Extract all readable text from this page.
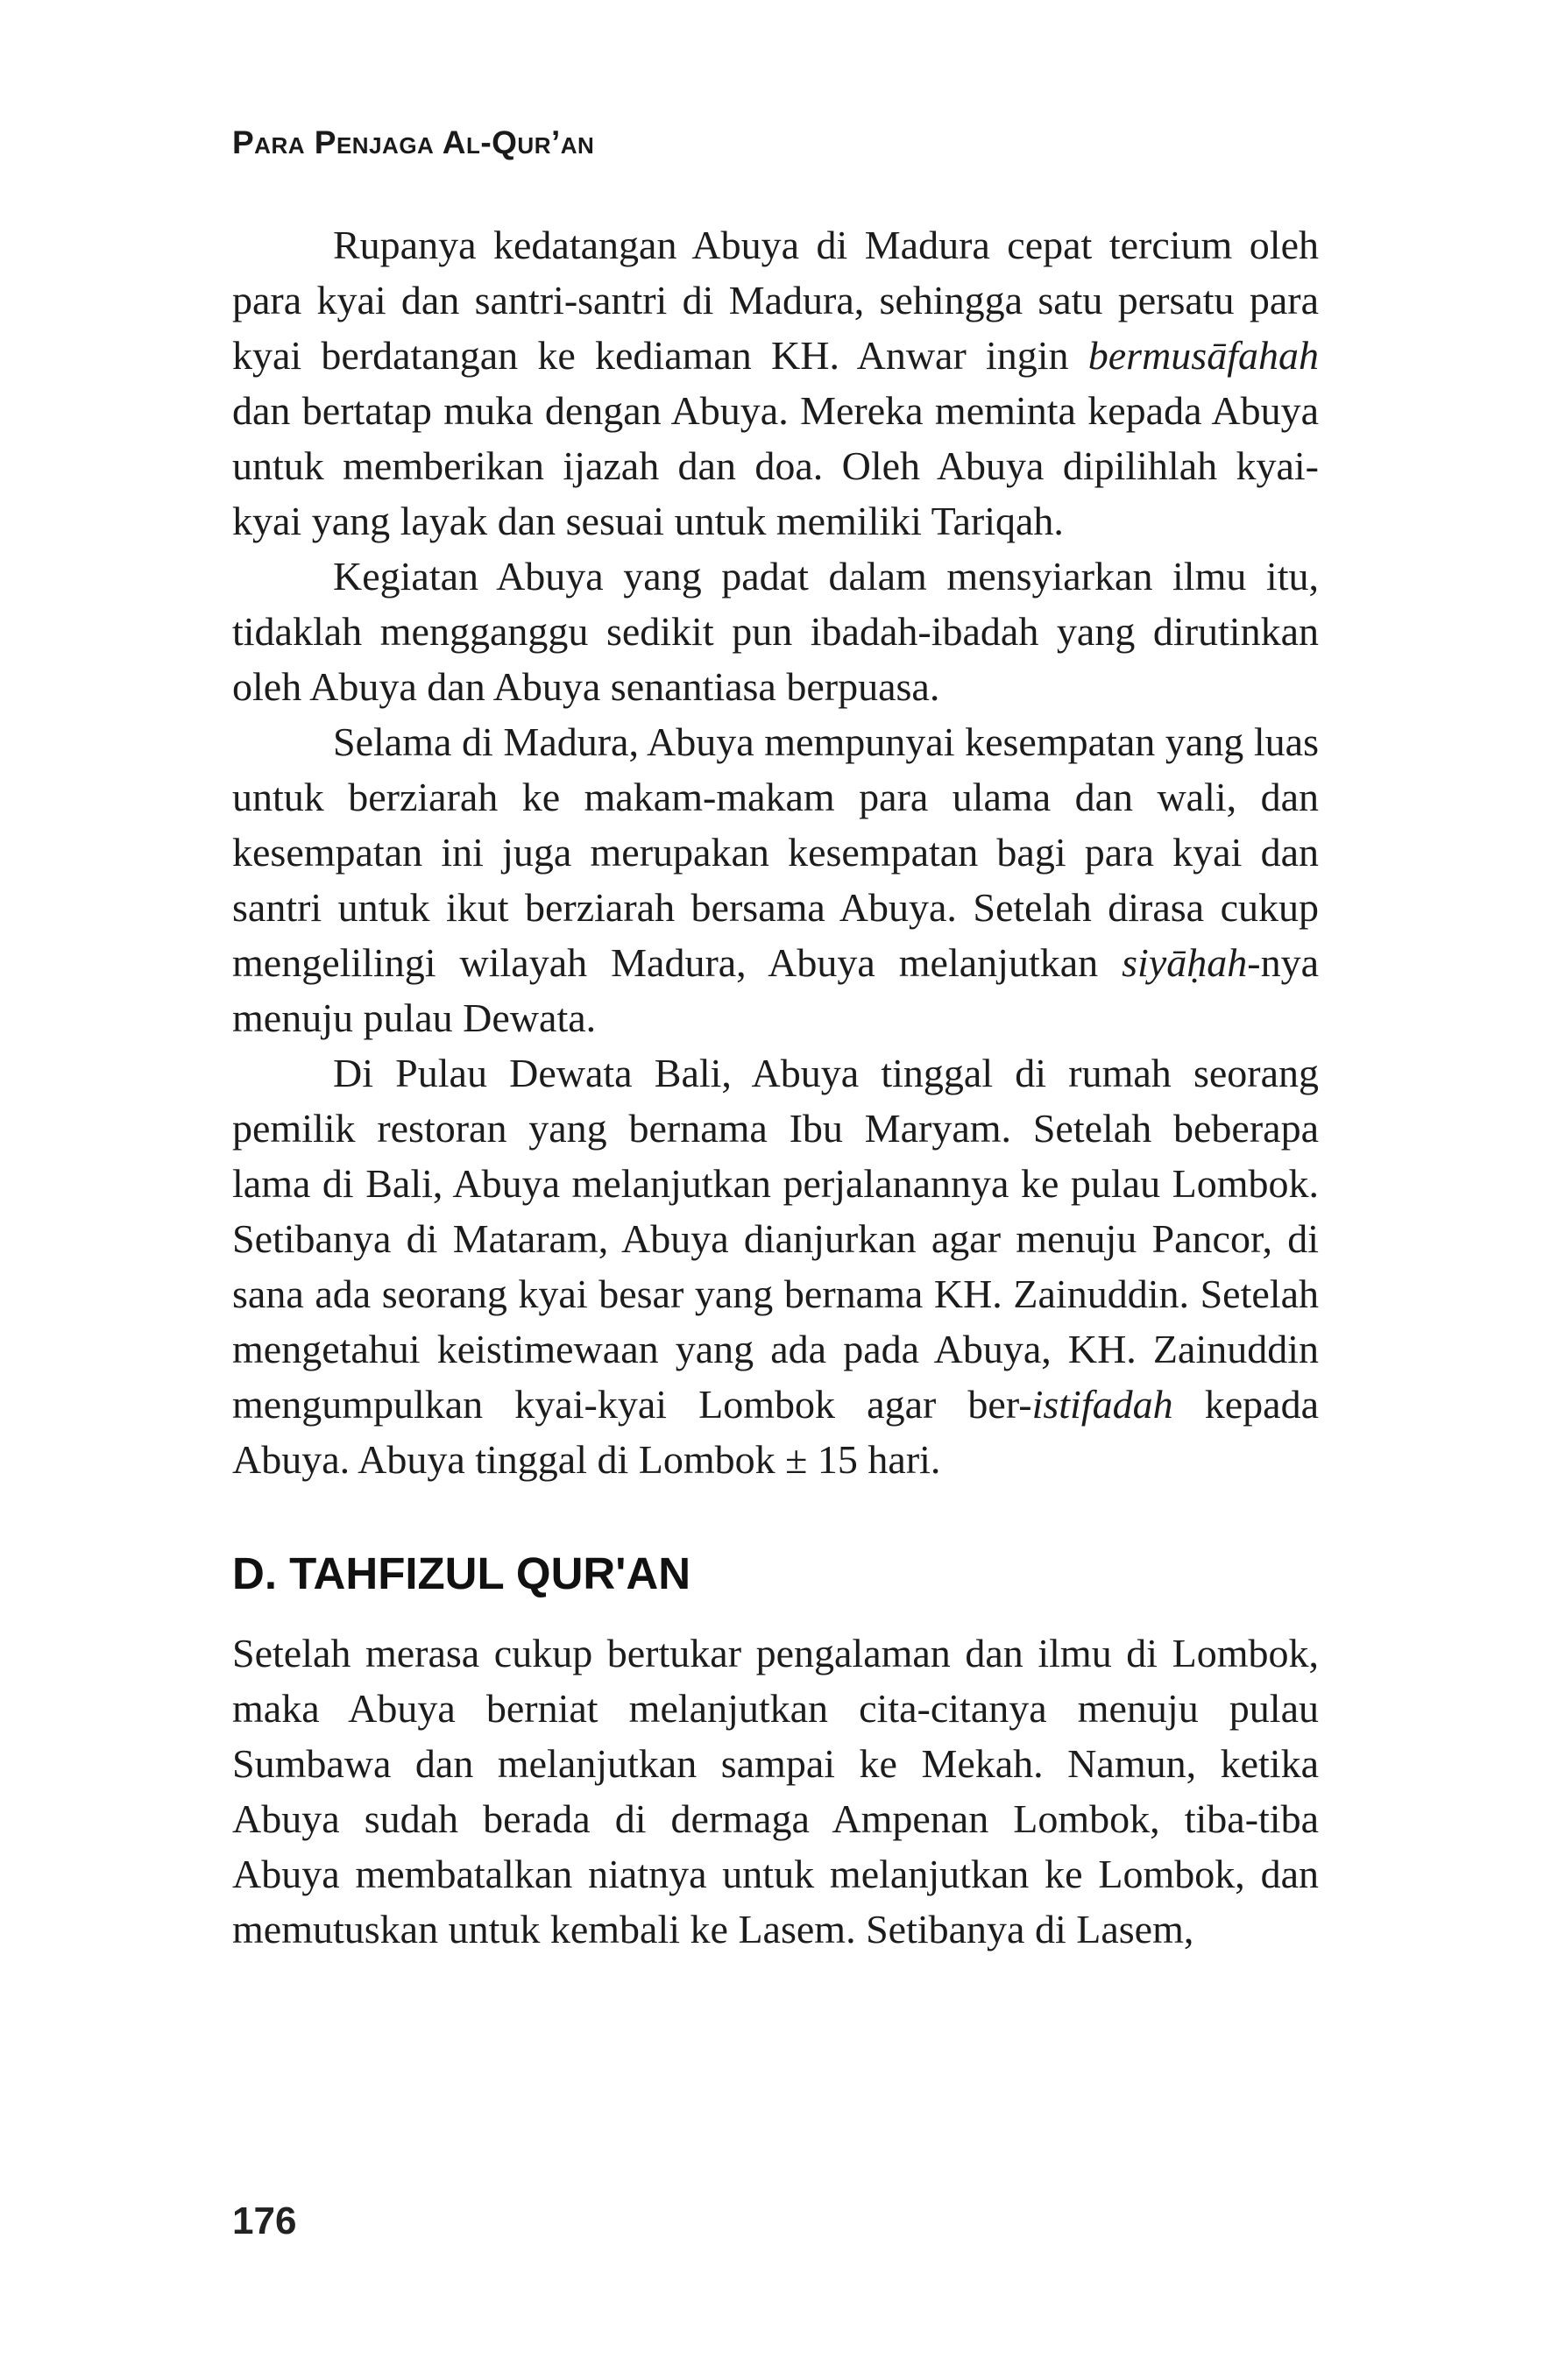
Para Penjaga Al-Qur’an

Rupanya kedatangan Abuya di Madura cepat tercium oleh para kyai dan santri-santri di Madura, sehingga satu persatu para kyai berdatangan ke kediaman KH. Anwar ingin bermusāfahah dan bertatap muka dengan Abuya. Mereka meminta kepada Abuya untuk memberikan ijazah dan doa. Oleh Abuya dipilihlah kyai-kyai yang layak dan sesuai untuk memiliki Tariqah.

Kegiatan Abuya yang padat dalam mensyiarkan ilmu itu, tidaklah mengganggu sedikit pun ibadah-ibadah yang dirutinkan oleh Abuya dan Abuya senantiasa berpuasa.

Selama di Madura, Abuya mempunyai kesempatan yang luas untuk berziarah ke makam-makam para ulama dan wali, dan kesempatan ini juga merupakan kesempatan bagi para kyai dan santri untuk ikut berziarah bersama Abuya. Setelah dirasa cukup mengelilingi wilayah Madura, Abuya melanjutkan siyāḥah-nya menuju pulau Dewata.

Di Pulau Dewata Bali, Abuya tinggal di rumah seorang pemilik restoran yang bernama Ibu Maryam. Setelah beberapa lama di Bali, Abuya melanjutkan perjalanannya ke pulau Lombok. Setibanya di Mataram, Abuya dianjurkan agar menuju Pancor, di sana ada seorang kyai besar yang bernama KH. Zainuddin. Setelah mengetahui keistimewaan yang ada pada Abuya, KH. Zainuddin mengumpulkan kyai-kyai Lombok agar ber-istifadah kepada Abuya. Abuya tinggal di Lombok ± 15 hari.

D. TAHFIZUL QUR'AN

Setelah merasa cukup bertukar pengalaman dan ilmu di Lombok, maka Abuya berniat melanjutkan cita-citanya menuju pulau Sumbawa dan melanjutkan sampai ke Mekah. Namun, ketika Abuya sudah berada di dermaga Ampenan Lombok, tiba-tiba Abuya membatalkan niatnya untuk melanjutkan ke Lombok, dan memutuskan untuk kembali ke Lasem. Setibanya di Lasem,

176
